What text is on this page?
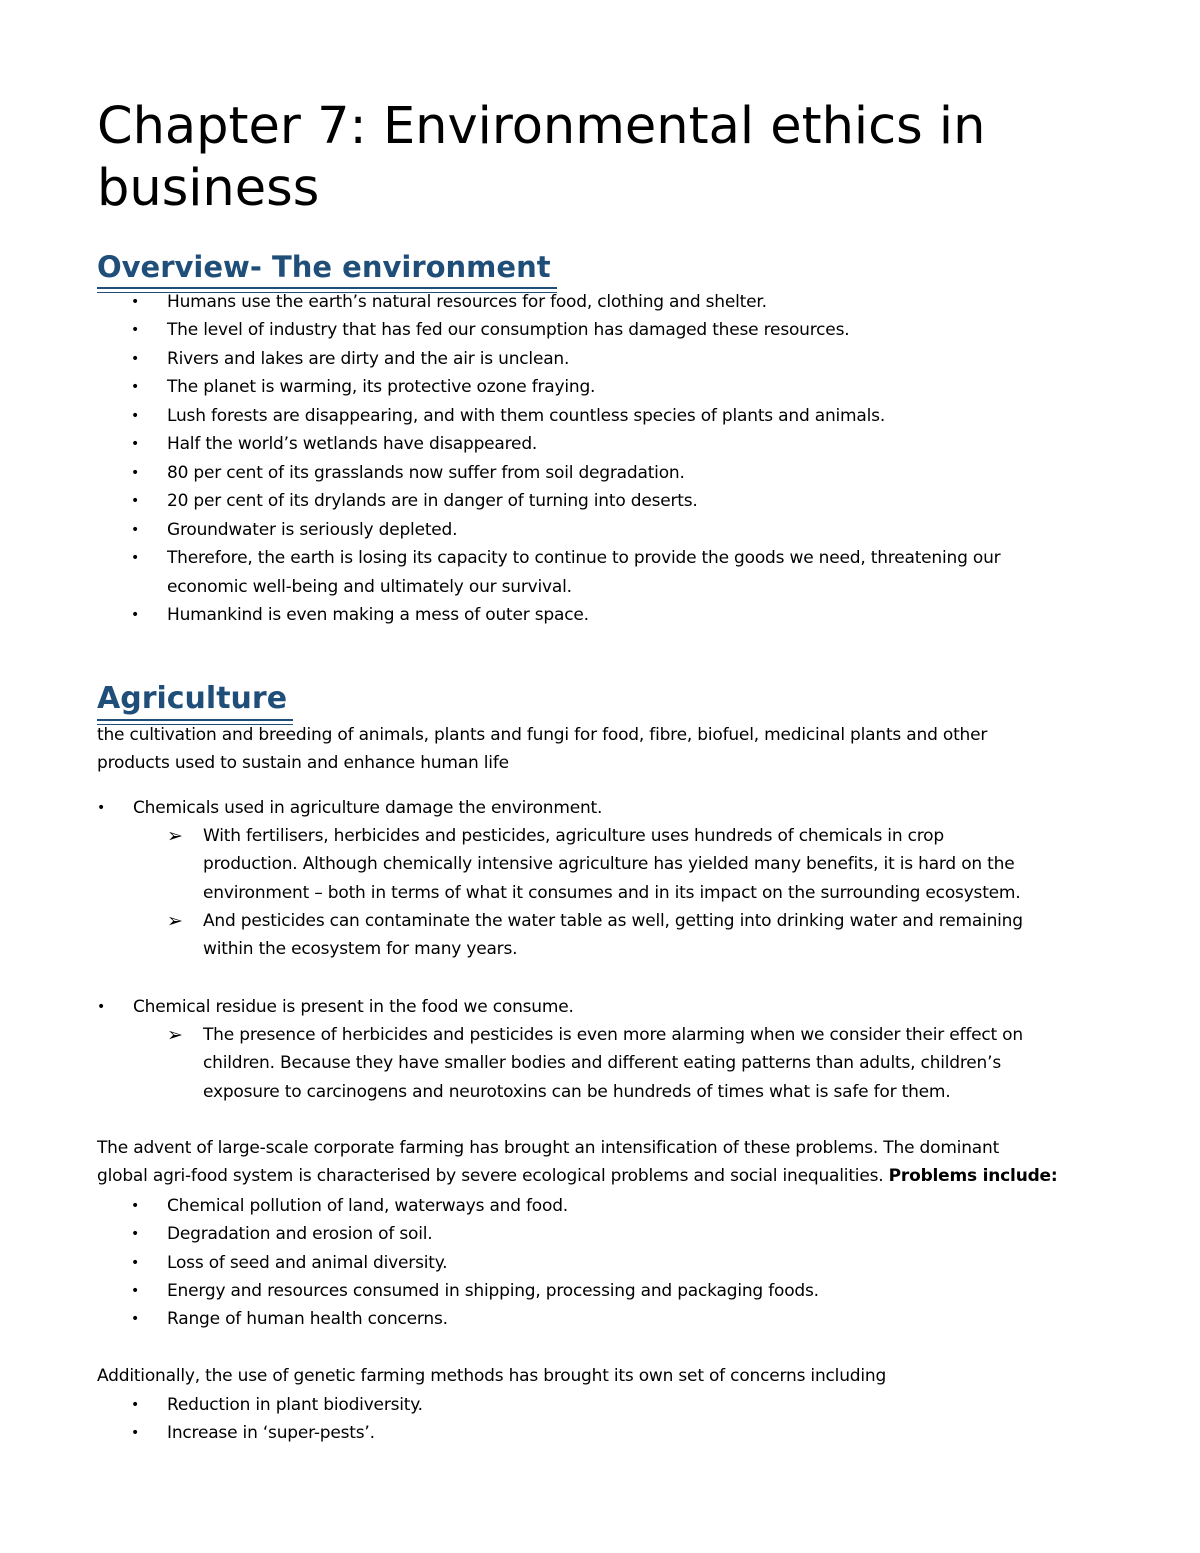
Chapter 7: Environmental ethics in business
Overview- The environment
• Humans use the earth’s natural resources for food, clothing and shelter.
• The level of industry that has fed our consumption has damaged these resources.
• Rivers and lakes are dirty and the air is unclean.
• The planet is warming, its protective ozone fraying.
• Lush forests are disappearing, and with them countless species of plants and animals.
• Half the world’s wetlands have disappeared.
• 80 per cent of its grasslands now suffer from soil degradation.
• 20 per cent of its drylands are in danger of turning into deserts.
• Groundwater is seriously depleted.
• Therefore, the earth is losing its capacity to continue to provide the goods we need, threatening our
economic well-being and ultimately our survival.
• Humankind is even making a mess of outer space.
Agriculture
the cultivation and breeding of animals, plants and fungi for food, fibre, biofuel, medicinal plants and other
products used to sustain and enhance human life
• Chemicals used in agriculture damage the environment.
➢ With fertilisers, herbicides and pesticides, agriculture uses hundreds of chemicals in crop
production. Although chemically intensive agriculture has yielded many benefits, it is hard on the
environment – both in terms of what it consumes and in its impact on the surrounding ecosystem.
➢ And pesticides can contaminate the water table as well, getting into drinking water and remaining
within the ecosystem for many years.
• Chemical residue is present in the food we consume.
➢ The presence of herbicides and pesticides is even more alarming when we consider their effect on
children. Because they have smaller bodies and different eating patterns than adults, children’s
exposure to carcinogens and neurotoxins can be hundreds of times what is safe for them.
The advent of large-scale corporate farming has brought an intensification of these problems. The dominant
global agri-food system is characterised by severe ecological problems and social inequalities. Problems include:
• Chemical pollution of land, waterways and food.
• Degradation and erosion of soil.
• Loss of seed and animal diversity.
• Energy and resources consumed in shipping, processing and packaging foods.
• Range of human health concerns.
Additionally, the use of genetic farming methods has brought its own set of concerns including
• Reduction in plant biodiversity.
• Increase in ‘super-pests’.
